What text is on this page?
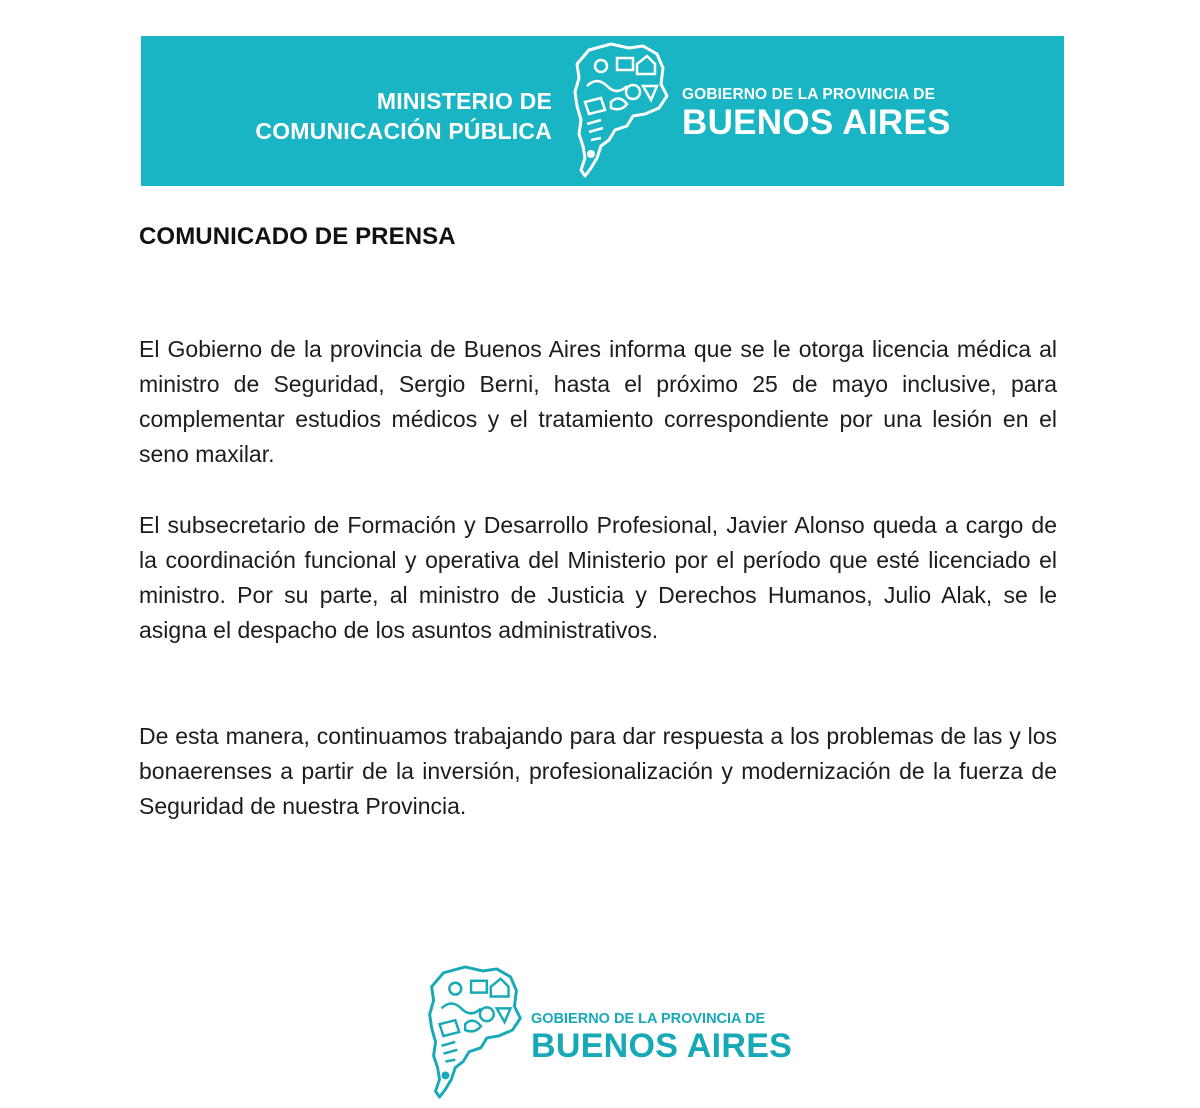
MINISTERIO DE
COMUNICACIÓN PÚBLICA
GOBIERNO DE LA PROVINCIA DE
BUENOS AIRES
COMUNICADO DE PRENSA

El Gobierno de la provincia de Buenos Aires informa que se le otorga licencia médica al ministro de Seguridad, Sergio Berni, hasta el próximo 25 de mayo inclusive, para complementar estudios médicos y el tratamiento correspondiente por una lesión en el seno maxilar.

El subsecretario de Formación y Desarrollo Profesional, Javier Alonso queda a cargo de la coordinación funcional y operativa del Ministerio por el período que esté licenciado el ministro. Por su parte, al ministro de Justicia y Derechos Humanos, Julio Alak, se le asigna el despacho de los asuntos administrativos.

De esta manera, continuamos trabajando para dar respuesta a los problemas de las y los bonaerenses a partir de la inversión, profesionalización y modernización de la fuerza de Seguridad de nuestra Provincia.

GOBIERNO DE LA PROVINCIA DE
BUENOS AIRES
